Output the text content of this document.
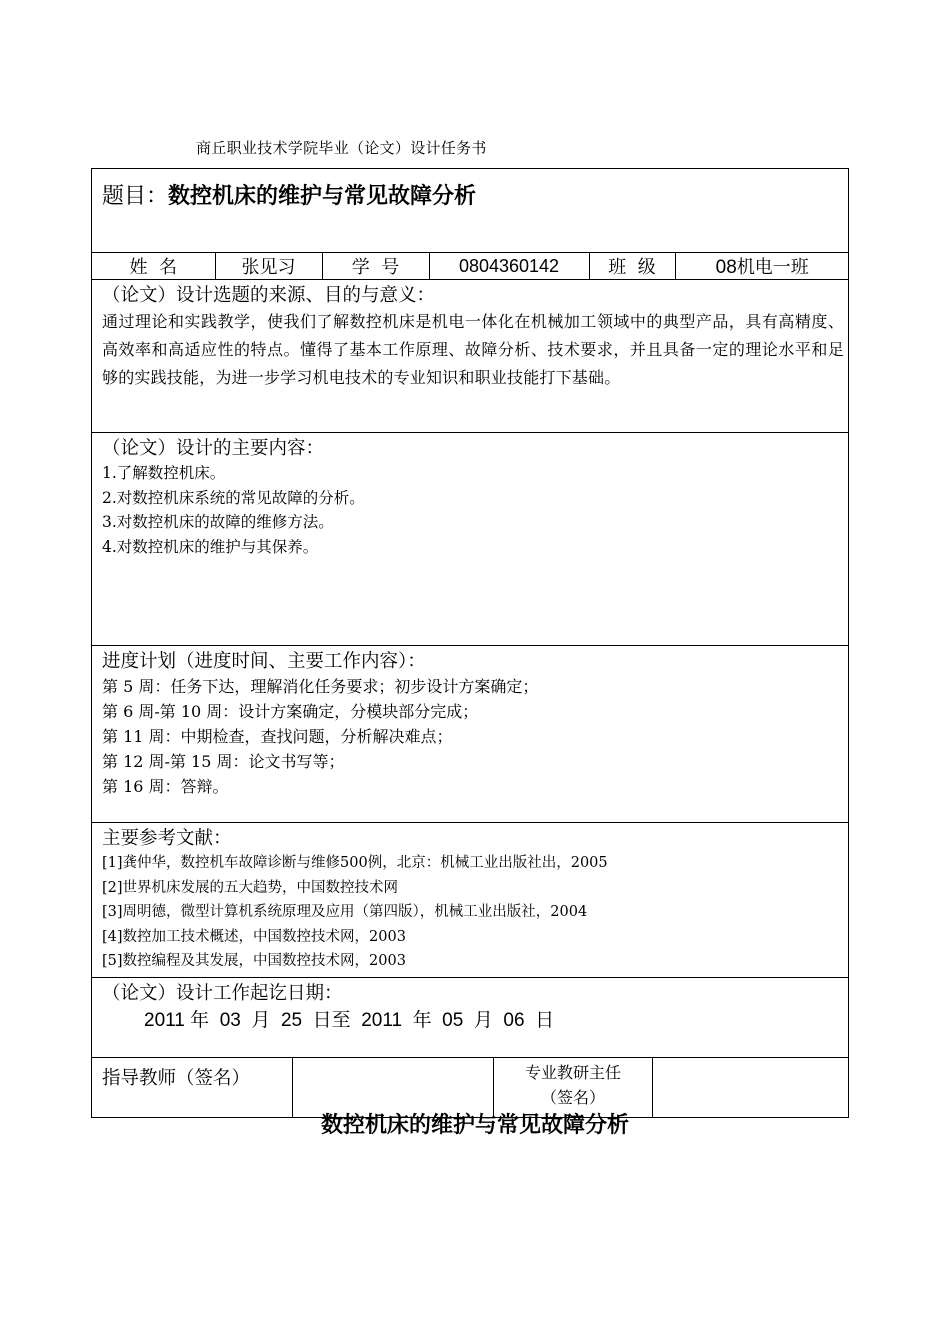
商丘职业技术学院毕业（论文）设计任务书
题目：数控机床的维护与常见故障分析

姓  名	张见习	学  号	0804360142	班  级	08机电一班

（论文）设计选题的来源、目的与意义：
通过理论和实践教学，使我们了解数控机床是机电一体化在机械加工领域中的典型产品，具有高精度、高效率和高适应性的特点。懂得了基本工作原理、故障分析、技术要求，并且具备一定的理论水平和足够的实践技能，为进一步学习机电技术的专业知识和职业技能打下基础。

（论文）设计的主要内容：
1.了解数控机床。
2.对数控机床系统的常见故障的分析。
3.对数控机床的故障的维修方法。
4.对数控机床的维护与其保养。

进度计划（进度时间、主要工作内容）：
第 5 周：任务下达，理解消化任务要求；初步设计方案确定；
第 6 周-第 10 周：设计方案确定，分模块部分完成；
第 11 周：中期检查，查找问题，分析解决难点；
第 12 周-第 15 周：论文书写等；
第 16 周：答辩。

主要参考文献：
[1]龚仲华，数控机车故障诊断与维修500例，北京：机械工业出版社出，2005
[2]世界机床发展的五大趋势，中国数控技术网
[3]周明德，微型计算机系统原理及应用（第四版），机械工业出版社，2004
[4]数控加工技术概述，中国数控技术网，2003
[5]数控编程及其发展，中国数控技术网，2003

（论文）设计工作起讫日期：
2011 年  03  月  25  日至  2011  年  05  月  06  日

指导教师（签名）		专业教研主任
（签名）

数控机床的维护与常见故障分析
